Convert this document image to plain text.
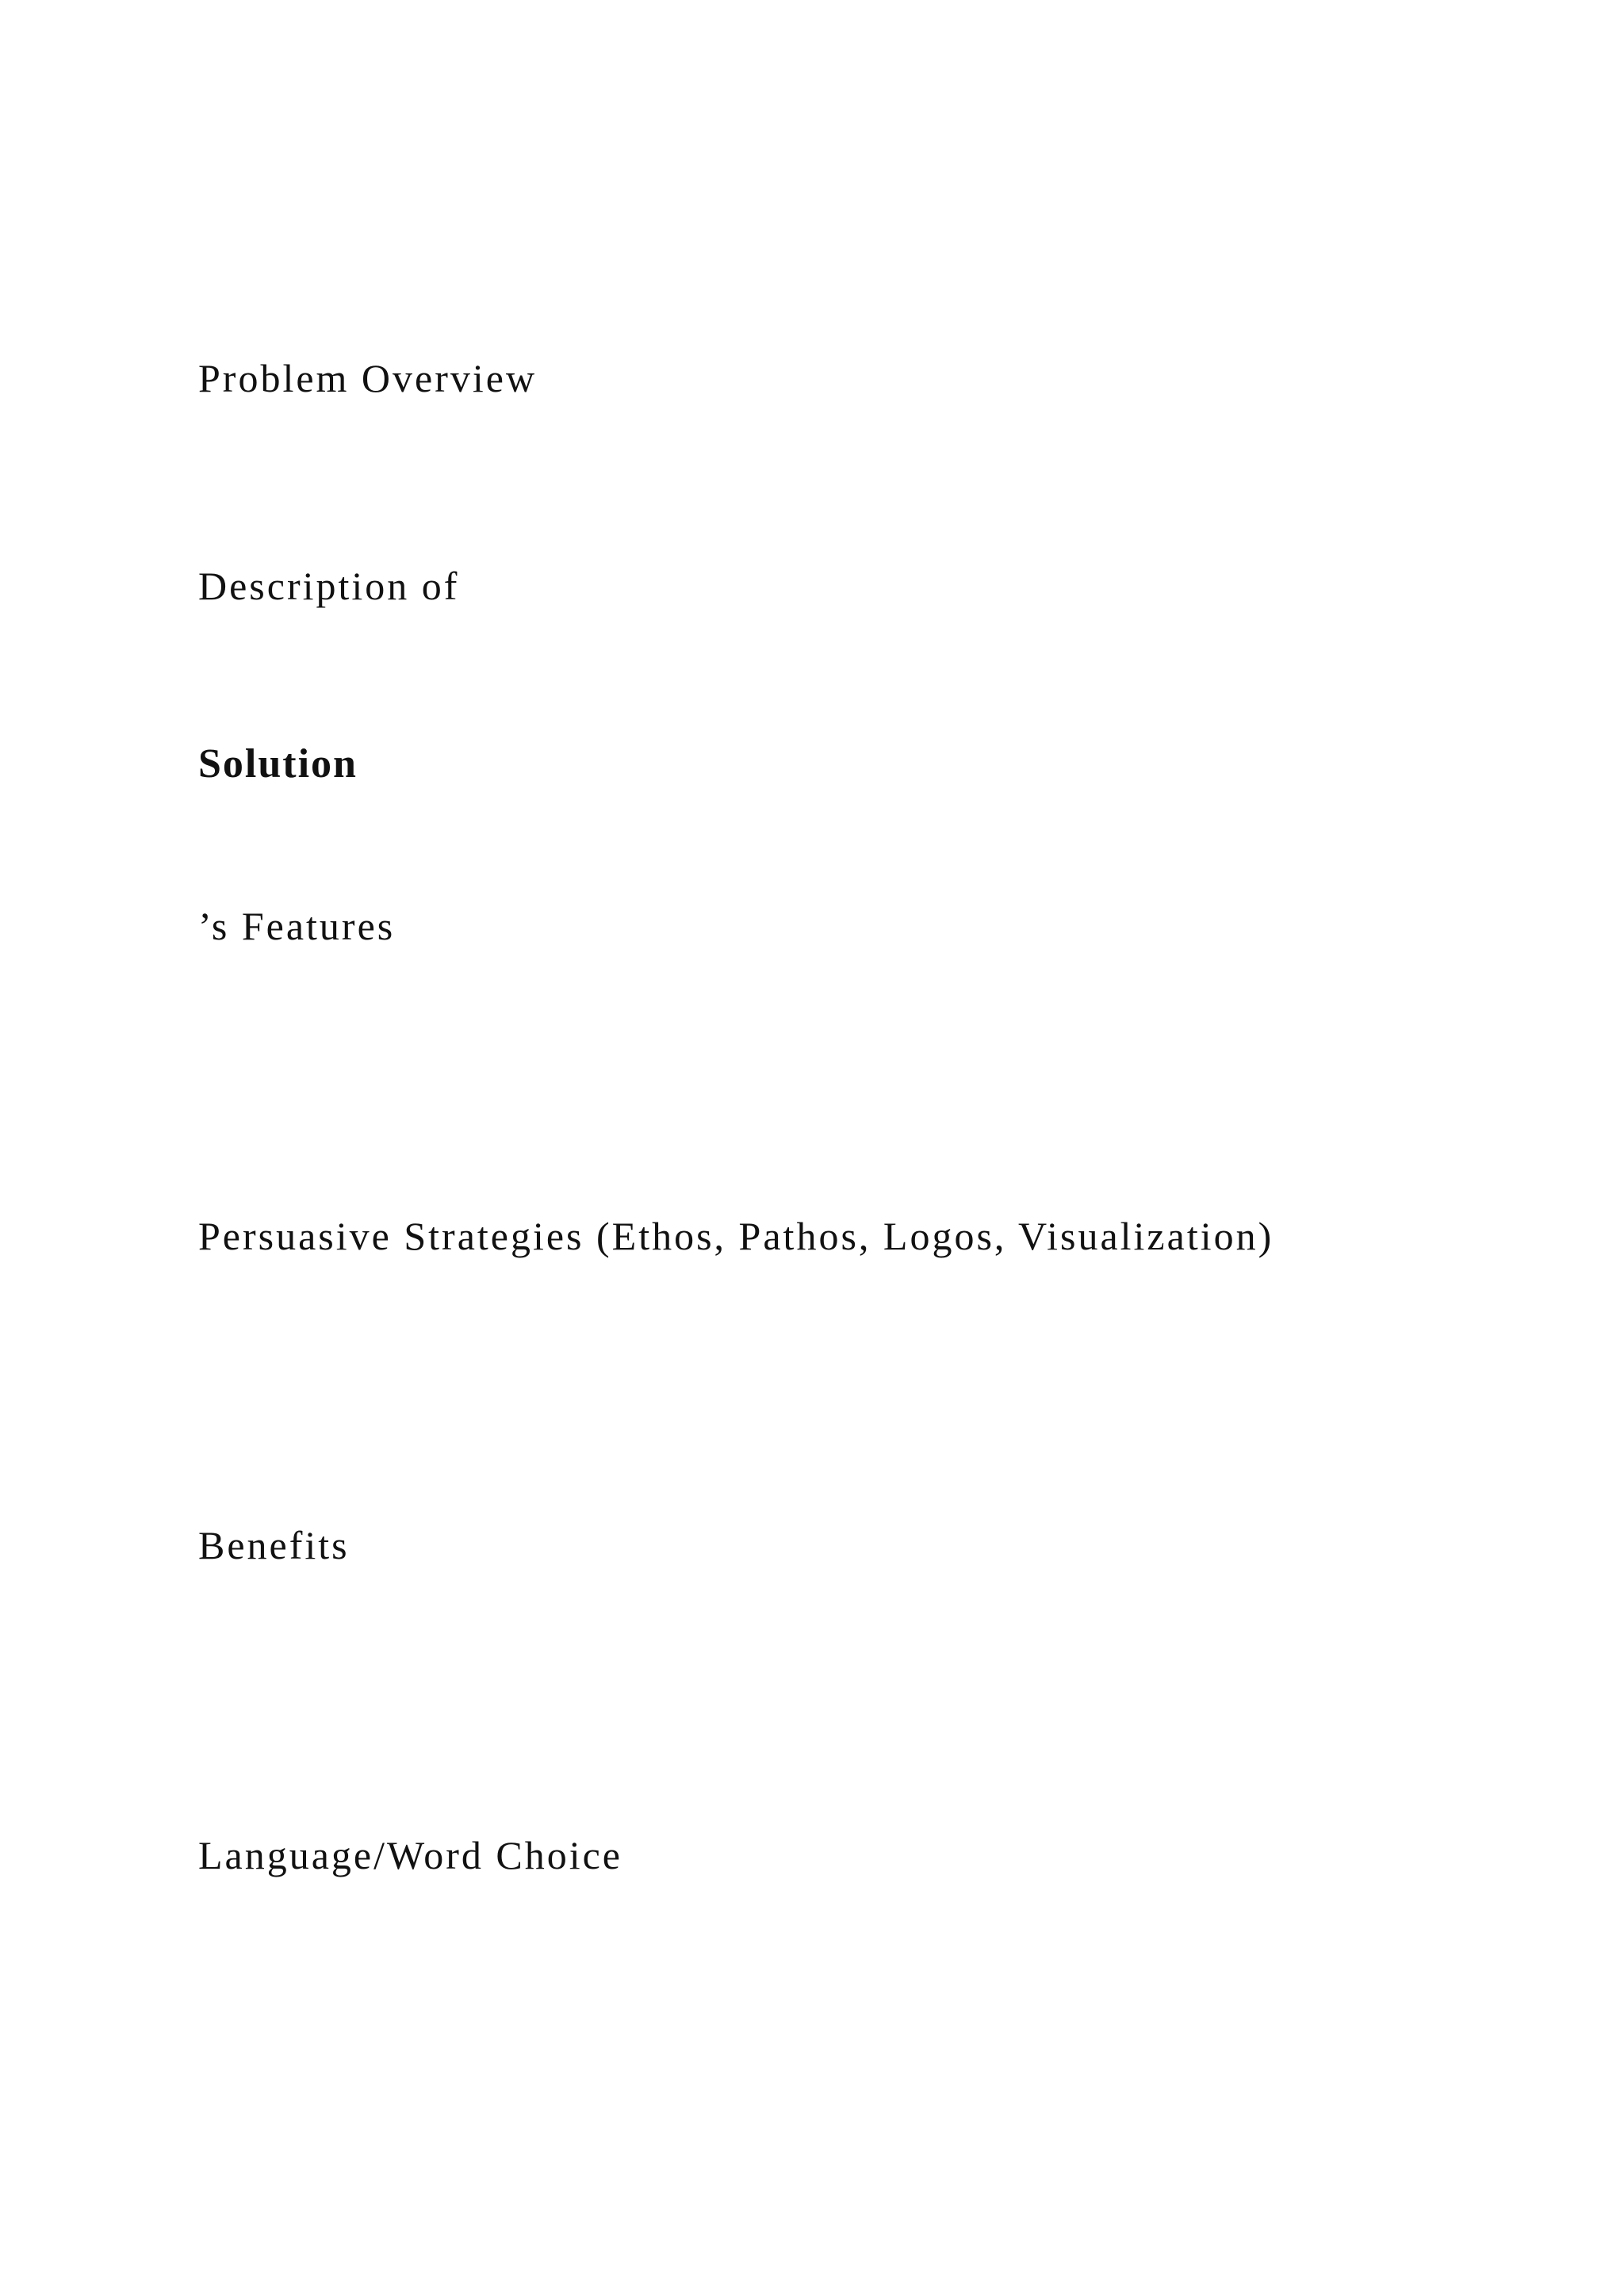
Problem Overview

Description of

Solution

’s Features

Persuasive Strategies (Ethos, Pathos, Logos, Visualization)

Benefits

Language/Word Choice
